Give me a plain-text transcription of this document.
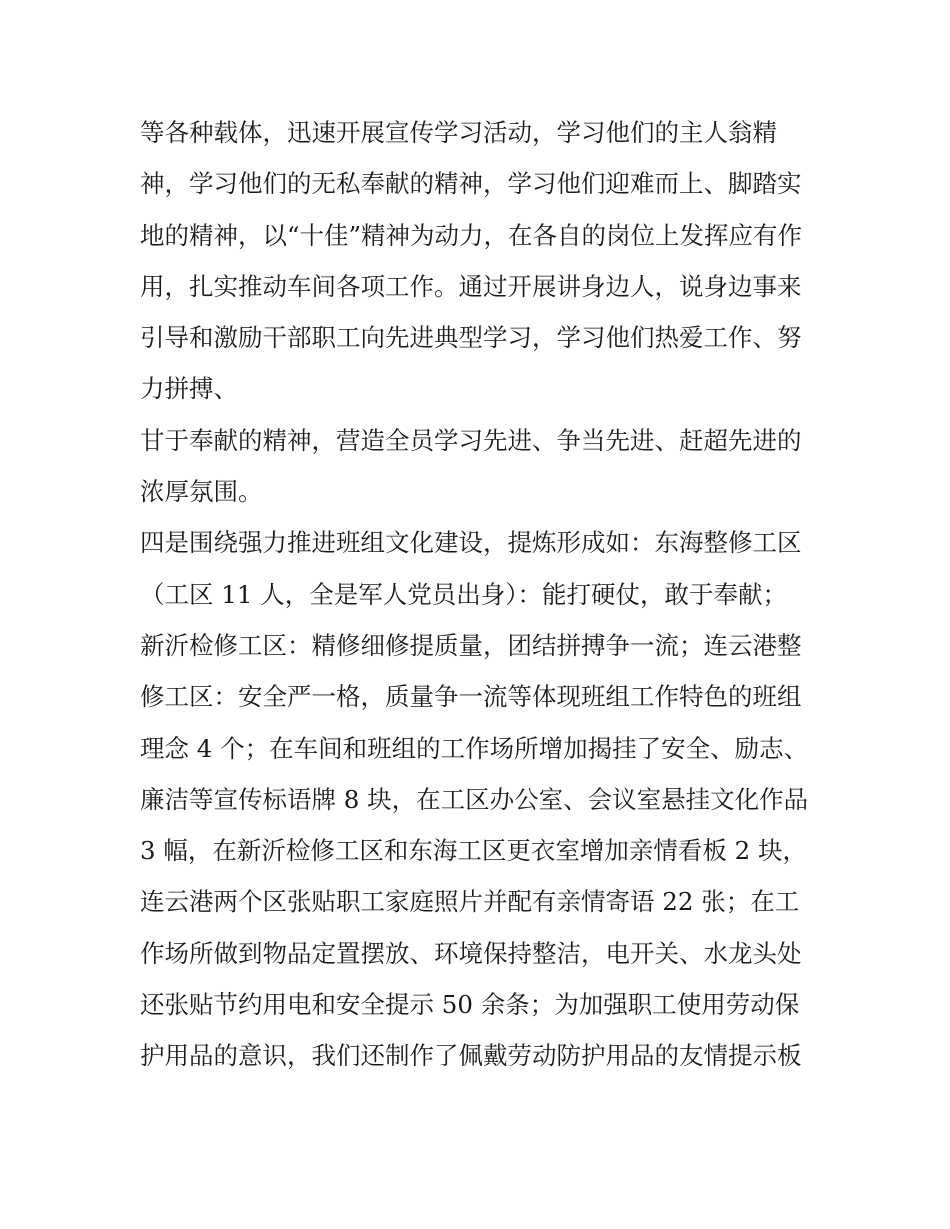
等各种载体，迅速开展宣传学习活动，学习他们的主人翁精
神，学习他们的无私奉献的精神，学习他们迎难而上、脚踏实
地的精神，以“十佳”精神为动力，在各自的岗位上发挥应有作
用，扎实推动车间各项工作。通过开展讲身边人，说身边事来
引导和激励干部职工向先进典型学习，学习他们热爱工作、努
力拼搏、
甘于奉献的精神，营造全员学习先进、争当先进、赶超先进的
浓厚氛围。
四是围绕强力推进班组文化建设，提炼形成如：东海整修工区
（工区 11 人，全是军人党员出身）：能打硬仗，敢于奉献；
新沂检修工区：精修细修提质量，团结拼搏争一流；连云港整
修工区：安全严一格，质量争一流等体现班组工作特色的班组
理念 4 个；在车间和班组的工作场所增加揭挂了安全、励志、
廉洁等宣传标语牌 8 块，在工区办公室、会议室悬挂文化作品
3 幅，在新沂检修工区和东海工区更衣室增加亲情看板 2 块，
连云港两个区张贴职工家庭照片并配有亲情寄语 22 张；在工
作场所做到物品定置摆放、环境保持整洁，电开关、水龙头处
还张贴节约用电和安全提示 50 余条；为加强职工使用劳动保
护用品的意识，我们还制作了佩戴劳动防护用品的友情提示板
